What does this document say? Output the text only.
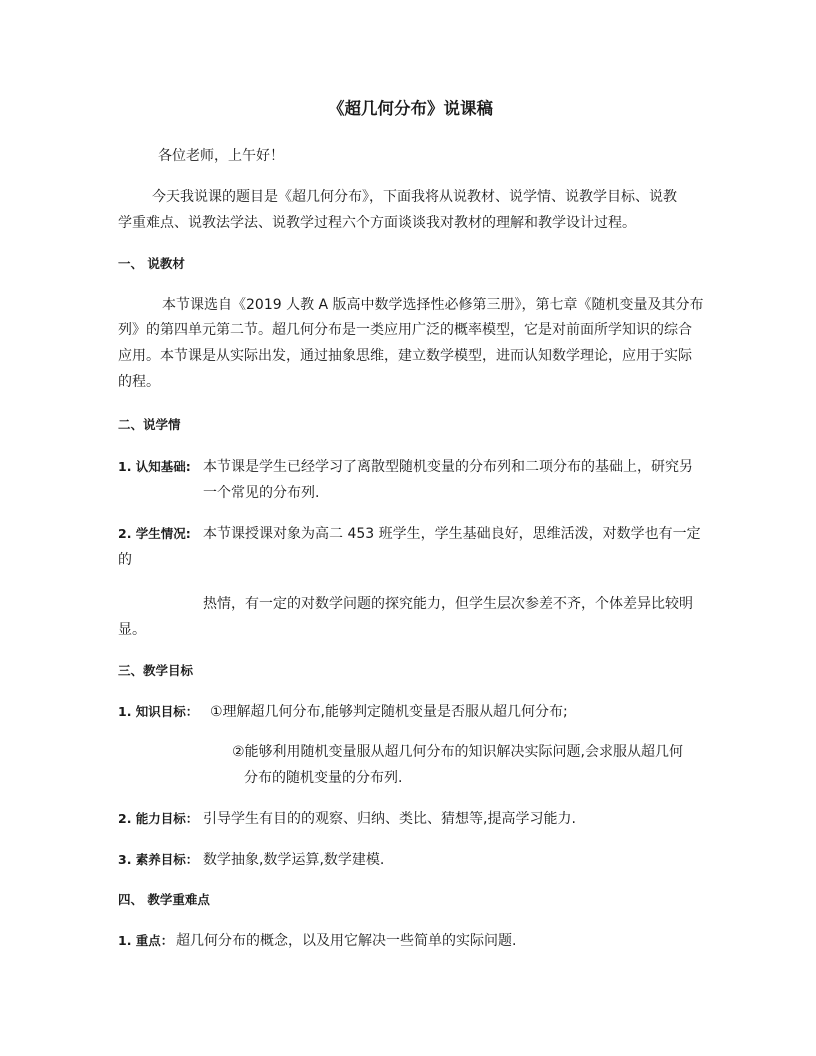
《超几何分布》说课稿
各位老师，上午好！
今天我说课的题目是《超几何分布》，下面我将从说教材、说学情、说教学目标、说教
学重难点、说教法学法、说教学过程六个方面谈谈我对教材的理解和教学设计过程。
一、 说教材
本节课选自《2019 人教 A 版高中数学选择性必修第三册》，第七章《随机变量及其分布
列》的第四单元第二节。超几何分布是一类应用广泛的概率模型，它是对前面所学知识的综合
应用。本节课是从实际出发，通过抽象思维，建立数学模型，进而认知数学理论，应用于实际
的程。
二、说学情
1. 认知基础: 本节课是学生已经学习了离散型随机变量的分布列和二项分布的基础上，研究另
一个常见的分布列.
2. 学生情况: 本节课授课对象为高二 453 班学生，学生基础良好，思维活泼，对数学也有一定
的
热情，有一定的对数学问题的探究能力，但学生层次参差不齐，个体差异比较明
显。
三、教学目标
1. 知识目标： ①理解超几何分布,能够判定随机变量是否服从超几何分布;
②能够利用随机变量服从超几何分布的知识解决实际问题,会求服从超几何
分布的随机变量的分布列.
2. 能力目标： 引导学生有目的的观察、归纳、类比、猜想等,提高学习能力.
3. 素养目标： 数学抽象,数学运算,数学建模.
四、 教学重难点
1. 重点： 超几何分布的概念，以及用它解决一些简单的实际问题.
